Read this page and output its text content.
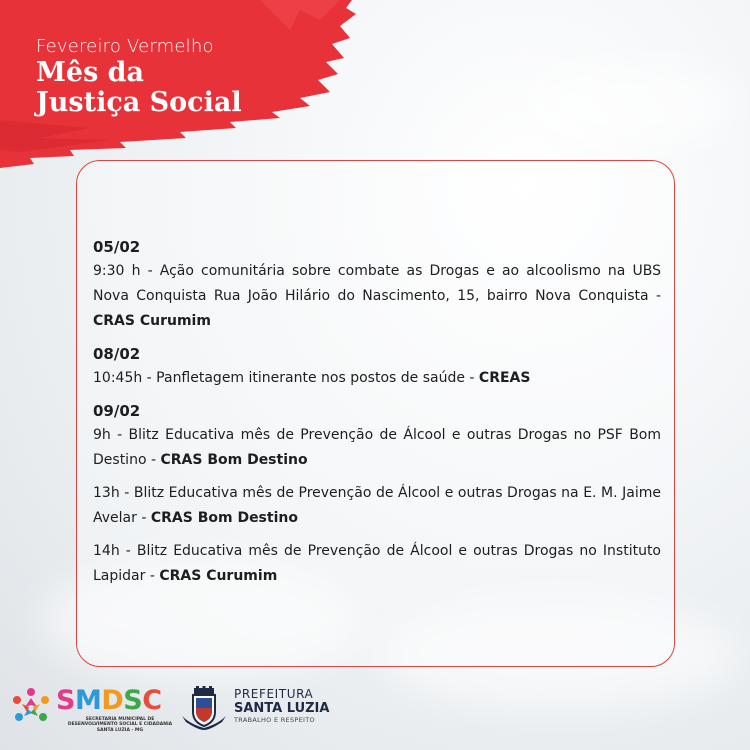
Fevereiro Vermelho
Mês da
Justiça Social
05/02
9:30 h - Ação comunitária sobre combate as Drogas e ao alcoolismo na UBS Nova Conquista Rua João Hilário do Nascimento, 15, bairro Nova Conquista - CRAS Curumim
08/02
10:45h - Panfletagem itinerante nos postos de saúde - CREAS
09/02
9h - Blitz Educativa mês de Prevenção de Álcool e outras Drogas no PSF Bom Destino - CRAS Bom Destino
13h - Blitz Educativa mês de Prevenção de Álcool e outras Drogas na E. M. Jaime Avelar - CRAS Bom Destino
14h - Blitz Educativa mês de Prevenção de Álcool e outras Drogas no Instituto Lapidar - CRAS Curumim
SMDSC
SECRETARIA MUNICIPAL DE
DESENVOLVIMENTO SOCIAL E CIDADANIA
SANTA LUZIA - MG
PREFEITURA
SANTA LUZIA
TRABALHO E RESPEITO
